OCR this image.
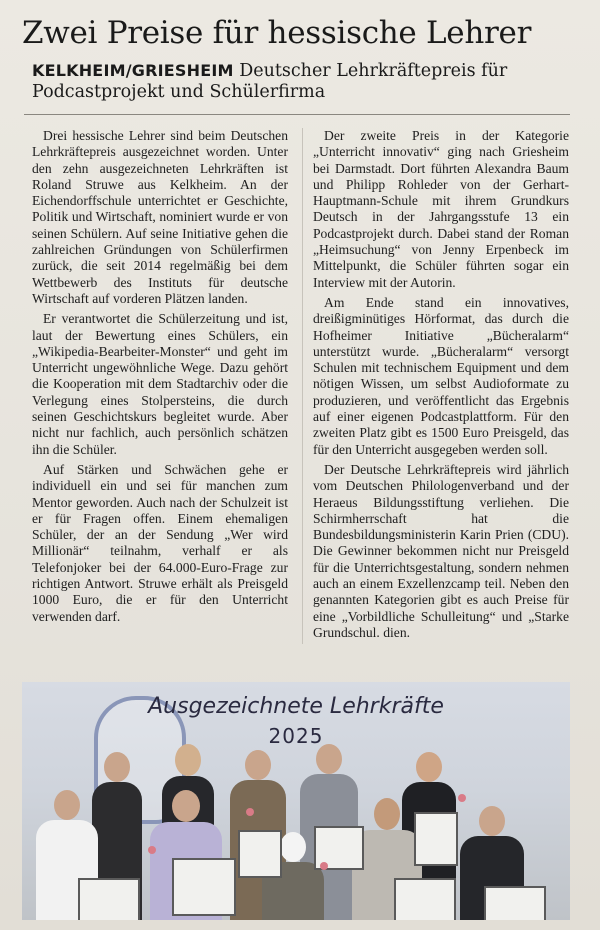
Zwei Preise für hessische Lehrer
KELKHEIM/GRIESHEIM Deutscher Lehrkräftepreis für Podcastprojekt und Schülerfirma

Drei hessische Lehrer sind beim Deutschen Lehrkräftepreis ausgezeichnet worden. Unter den zehn ausgezeichneten Lehrkräften ist Roland Struwe aus Kelkheim. An der Eichendorffschule unterrichtet er Geschichte, Politik und Wirtschaft, nominiert wurde er von seinen Schülern. Auf seine Initiative gehen die zahlreichen Gründungen von Schülerfirmen zurück, die seit 2014 regelmäßig bei dem Wettbewerb des Instituts für deutsche Wirtschaft auf vorderen Plätzen landen.

Er verantwortet die Schülerzeitung und ist, laut der Bewertung eines Schülers, ein „Wikipedia-Bearbeiter-Monster“ und geht im Unterricht ungewöhnliche Wege. Dazu gehört die Kooperation mit dem Stadtarchiv oder die Verlegung eines Stolpersteins, die durch seinen Geschichtskurs begleitet wurde. Aber nicht nur fachlich, auch persönlich schätzen ihn die Schüler.

Auf Stärken und Schwächen gehe er individuell ein und sei für manchen zum Mentor geworden. Auch nach der Schulzeit ist er für Fragen offen. Einem ehemaligen Schüler, der an der Sendung „Wer wird Millionär“ teilnahm, verhalf er als Telefonjoker bei der 64.000-Euro-Frage zur richtigen Antwort. Struwe erhält als Preisgeld 1000 Euro, die er für den Unterricht verwenden darf.

Der zweite Preis in der Kategorie „Unterricht innovativ“ ging nach Griesheim bei Darmstadt. Dort führten Alexandra Baum und Philipp Rohleder von der Gerhart-Hauptmann-Schule mit ihrem Grundkurs Deutsch in der Jahrgangsstufe 13 ein Podcastprojekt durch. Dabei stand der Roman „Heimsuchung“ von Jenny Erpenbeck im Mittelpunkt, die Schüler führten sogar ein Interview mit der Autorin.

Am Ende stand ein innovatives, dreißigminütiges Hörformat, das durch die Hofheimer Initiative „Bücheralarm“ unterstützt wurde. „Bücheralarm“ versorgt Schulen mit technischem Equipment und dem nötigen Wissen, um selbst Audioformate zu produzieren, und veröffentlicht das Ergebnis auf einer eigenen Podcastplattform. Für den zweiten Platz gibt es 1500 Euro Preisgeld, das für den Unterricht ausgegeben werden soll.

Der Deutsche Lehrkräftepreis wird jährlich vom Deutschen Philologenverband und der Heraeus Bildungsstiftung verliehen. Die Schirmherrschaft hat die Bundesbildungsministerin Karin Prien (CDU). Die Gewinner bekommen nicht nur Preisgeld für die Unterrichtsgestaltung, sondern nehmen auch an einem Exzellenzcamp teil. Neben den genannten Kategorien gibt es auch Preise für eine „Vorbildliche Schulleitung“ und „Starke Grundschul. dien.

Ausgezeichnete Lehrkräfte
2025
